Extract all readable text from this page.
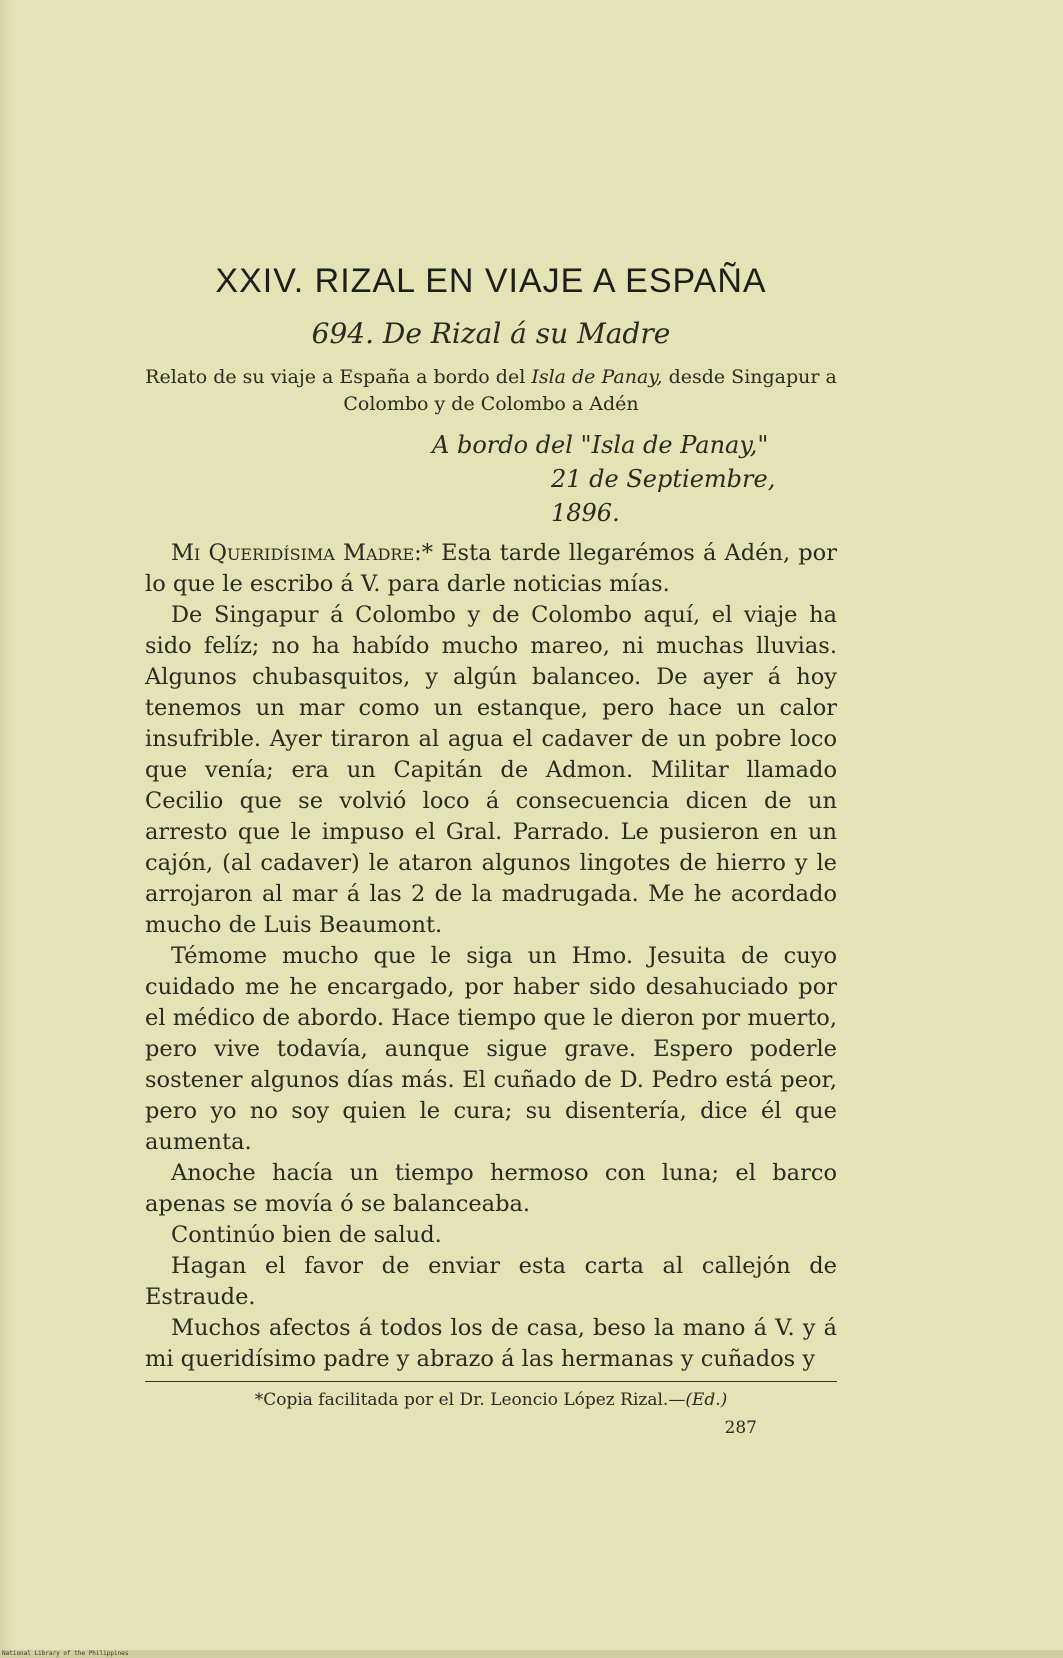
XXIV. RIZAL EN VIAJE A ESPAÑA
694. De Rizal á su Madre
Relato de su viaje a España a bordo del Isla de Panay, desde Singapur a Colombo y de Colombo a Adén
A bordo del "Isla de Panay,"
21 de Septiembre, 1896.

Mi Queridísima Madre:* Esta tarde llegarémos á Adén, por lo que le escribo á V. para darle noticias mías.

De Singapur á Colombo y de Colombo aquí, el viaje ha sido felíz; no ha habído mucho mareo, ni muchas lluvias. Algunos chubasquitos, y algún balanceo. De ayer á hoy tenemos un mar como un estanque, pero hace un calor insufrible. Ayer tiraron al agua el cadaver de un pobre loco que venía; era un Capitán de Admon. Militar llamado Cecilio que se volvió loco á consecuencia dicen de un arresto que le impuso el Gral. Parrado. Le pusieron en un cajón, (al cadaver) le ataron algunos lingotes de hierro y le arrojaron al mar á las 2 de la madrugada. Me he acordado mucho de Luis Beaumont.

Témome mucho que le siga un Hmo. Jesuita de cuyo cuidado me he encargado, por haber sido desahuciado por el médico de abordo. Hace tiempo que le dieron por muerto, pero vive todavía, aunque sigue grave. Espero poderle sostener algunos días más. El cuñado de D. Pedro está peor, pero yo no soy quien le cura; su disentería, dice él que aumenta.

Anoche hacía un tiempo hermoso con luna; el barco apenas se movía ó se balanceaba.

Continúo bien de salud.

Hagan el favor de enviar esta carta al callejón de Estraude.

Muchos afectos á todos los de casa, beso la mano á V. y á mi queridísimo padre y abrazo á las hermanas y cuñados y

*Copia facilitada por el Dr. Leoncio López Rizal.—(Ed.)
287
National Library of the Philippines
